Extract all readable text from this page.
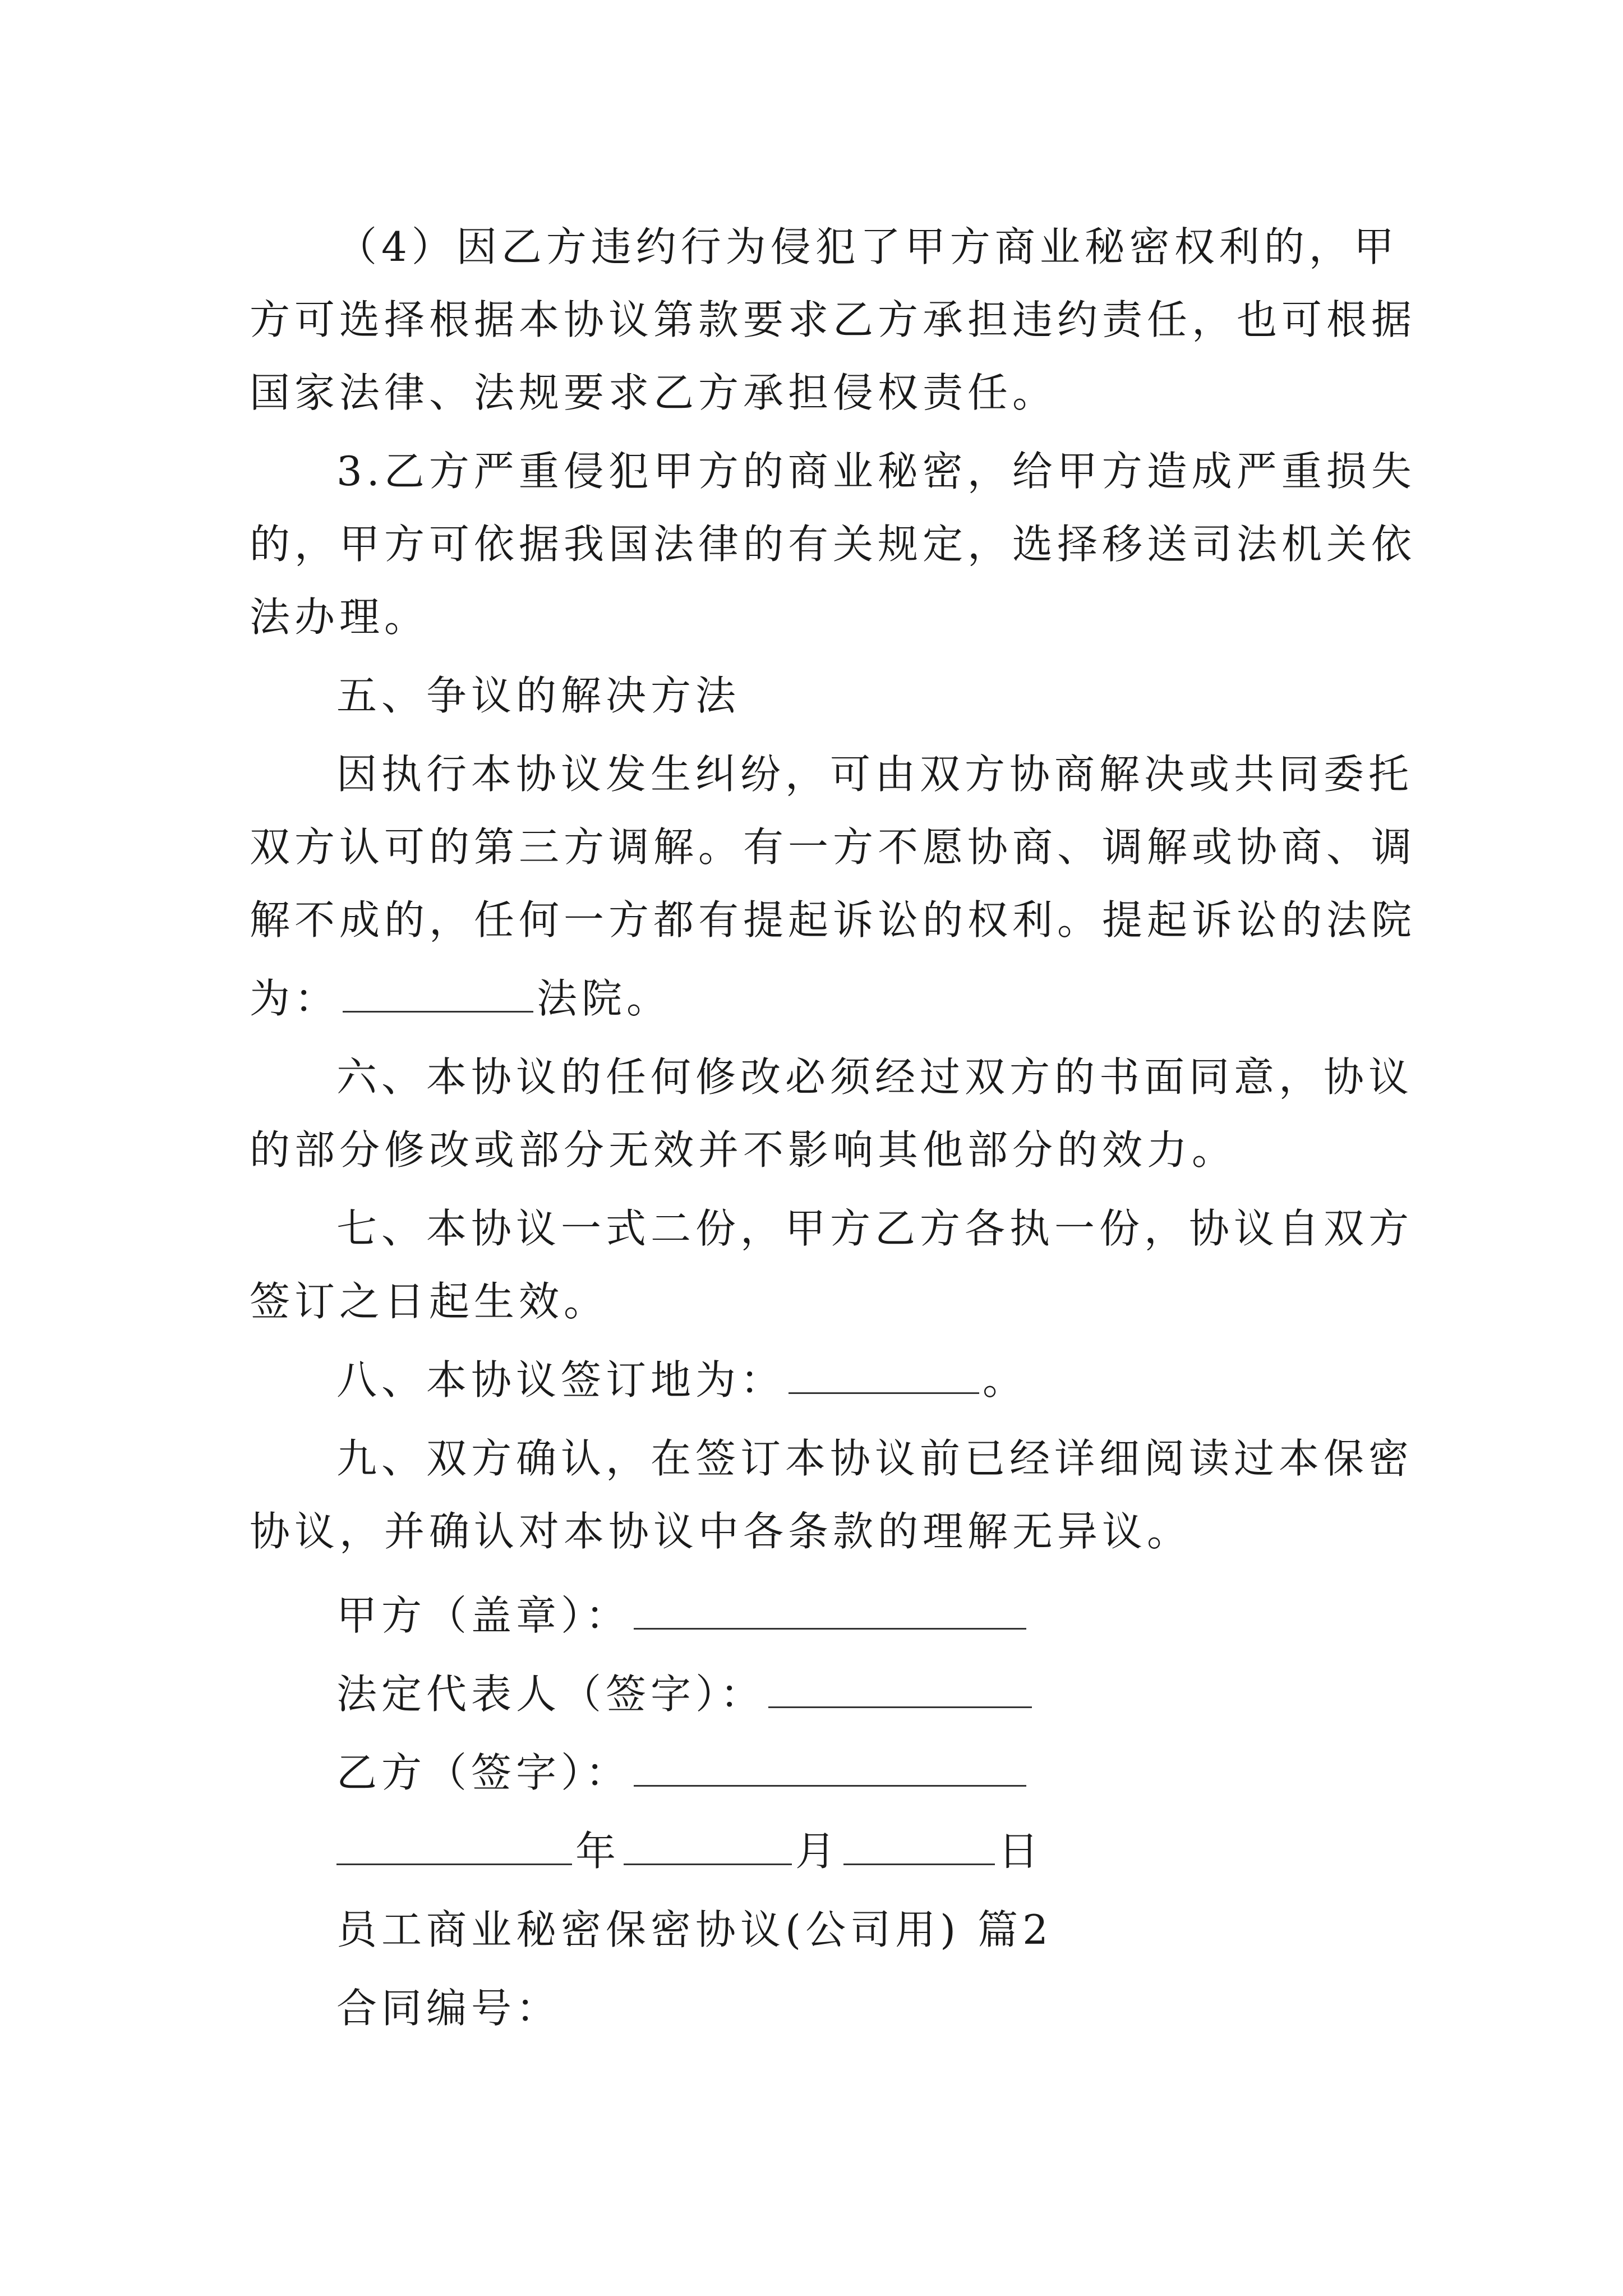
（4）因乙方违约行为侵犯了甲方商业秘密权利的，甲
方可选择根据本协议第款要求乙方承担违约责任，也可根据
国家法律、法规要求乙方承担侵权责任。
3.乙方严重侵犯甲方的商业秘密，给甲方造成严重损失
的，甲方可依据我国法律的有关规定，选择移送司法机关依
法办理。
五、争议的解决方法
因执行本协议发生纠纷，可由双方协商解决或共同委托
双方认可的第三方调解。有一方不愿协商、调解或协商、调
解不成的，任何一方都有提起诉讼的权利。提起诉讼的法院
为：	法院。
六、本协议的任何修改必须经过双方的书面同意，协议
的部分修改或部分无效并不影响其他部分的效力。
七、本协议一式二份，甲方乙方各执一份，协议自双方
签订之日起生效。
八、本协议签订地为：	。
九、双方确认，在签订本协议前已经详细阅读过本保密
协议，并确认对本协议中各条款的理解无异议。
甲方（盖章）：
法定代表人（签字）：
乙方（签字）：
年	月	日
员工商业秘密保密协议(公司用) 篇2
合同编号：
